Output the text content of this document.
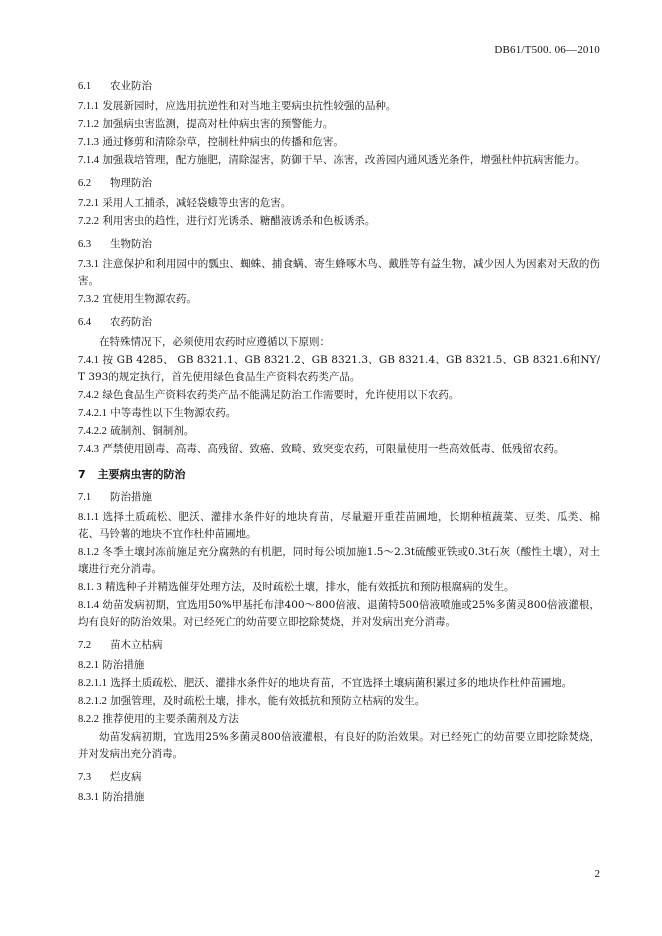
DB61/T500. 06—2010
6.1 农业防治
7.1.1 发展新园时，应选用抗逆性和对当地主要病虫抗性较强的品种。
7.1.2 加强病虫害监测，提高对杜仲病虫害的预警能力。
7.1.3 通过修剪和清除杂草，控制杜仲病虫的传播和危害。
7.1.4 加强栽培管理，配方施肥，清除湿害，防御干旱、冻害，改善园内通风透光条件，增强杜仲抗病害能力。
6.2 物理防治
7.2.1 采用人工捕杀，减轻袋蛾等虫害的危害。
7.2.2 利用害虫的趋性，进行灯光诱杀、糖醋液诱杀和色板诱杀。
6.3 生物防治
7.3.1 注意保护和利用园中的瓢虫、蜘蛛、捕食螨、寄生蜂啄木鸟、戴胜等有益生物，减少因人为因素对天敌的伤害。
7.3.2 宜使用生物源农药。
6.4 农药防治
在特殊情况下，必须使用农药时应遵循以下原则：
7.4.1 按 GB 4285、 GB 8321.1、GB 8321.2、GB 8321.3、GB 8321.4、GB 8321.5、GB 8321.6和NY/T 393的规定执行，首先使用绿色食品生产资料农药类产品。
7.4.2 绿色食品生产资料农药类产品不能满足防治工作需要时，允许使用以下农药。
7.4.2.1 中等毒性以下生物源农药。
7.4.2.2 硫制剂、铜制剂。
7.4.3 严禁使用剧毒、高毒、高残留、致癌、致畸、致突变农药，可限量使用一些高效低毒、低残留农药。
7 主要病虫害的防治
7.1 防治措施
8.1.1 选择土质疏松、肥沃、灌排水条件好的地块育苗，尽量避开重茬苗圃地，长期种植蔬菜、豆类、瓜类、棉花、马铃薯的地块不宜作杜仲苗圃地。
8.1.2 冬季土壤封冻前施足充分腐熟的有机肥，同时每公顷加施1.5～2.3t硫酸亚铁或0.3t石灰（酸性土壤），对土壤进行充分消毒。
8.1. 3 精选种子并精选催芽处理方法，及时疏松土壤，排水，能有效抵抗和预防根腐病的发生。
8.1.4 幼苗发病初期，宜选用50%甲基托布津400～800倍液、退菌特500倍液喷施或25%多菌灵800倍液灌根，均有良好的防治效果。对已经死亡的幼苗要立即挖除焚烧，并对发病出充分消毒。
7.2 苗木立枯病
8.2.1 防治措施
8.2.1.1 选择土质疏松、肥沃、灌排水条件好的地块育苗，不宜选择土壤病菌积累过多的地块作杜仲苗圃地。
8.2.1.2 加强管理，及时疏松土壤，排水，能有效抵抗和预防立枯病的发生。
8.2.2 推荐使用的主要杀菌剂及方法
幼苗发病初期，宜选用25%多菌灵800倍液灌根，有良好的防治效果。对已经死亡的幼苗要立即挖除焚烧，并对发病出充分消毒。
7.3 烂皮病
8.3.1 防治措施
2
